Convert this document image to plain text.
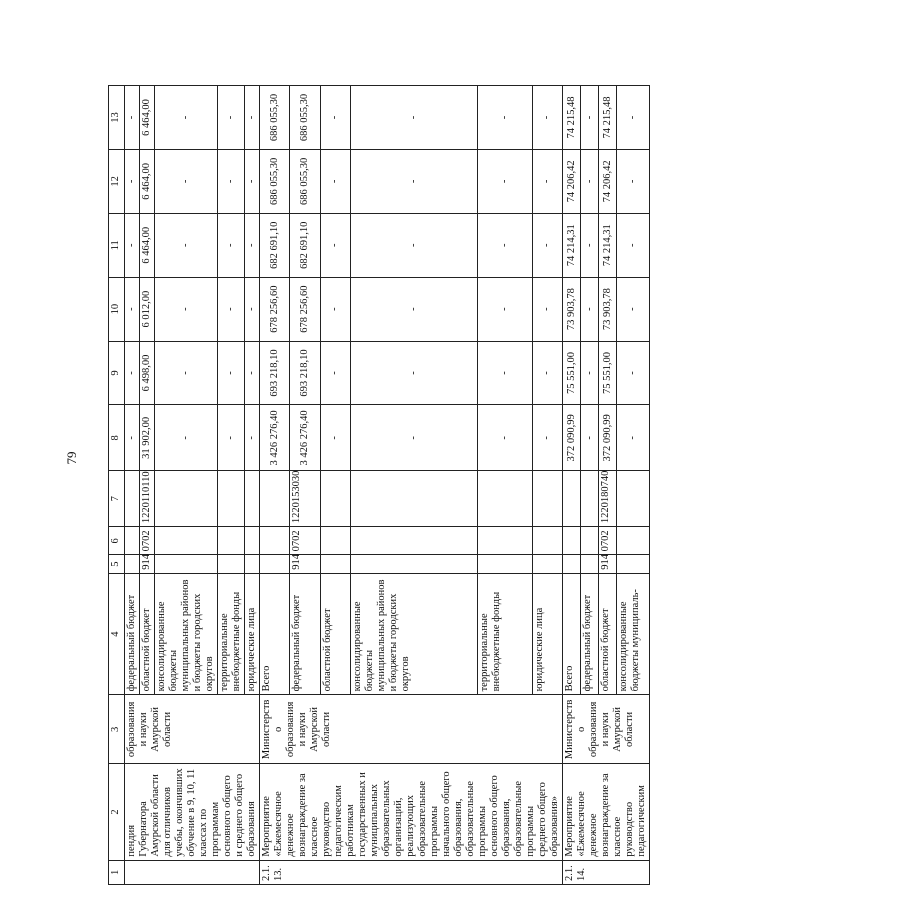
79
1	2	3	4	5	6	7	8	9	10	11	12	13
	пендия Губернатора Амурской области для отличников учебы, окончивших обучение в 9, 10, 11 классах по программам основного общего и среднего общего образования	образования и науки Амурской области	федеральный бюджет				-	-	-	-	-	-
			областной бюджет	914	0702	1220110110	31 902,00	6 498,00	6 012,00	6 464,00	6 464,00	6 464,00
			консолидированные бюджеты муниципальных районов и бюджеты городских округов				-	-	-	-	-	-
			территориальные внебюджетные фонды				-	-	-	-	-	-
			юридические лица				-	-	-	-	-	-
2.1.13.	Мероприятие «Ежемесячное денежное вознаграждение за классное руководство педагогическим работникам государственных и муниципальных образовательных организаций, реализующих образовательные программы начального общего образования, образовательные программы основного общего образования, образовательные программы среднего общего образования»	Министерство образования и науки Амурской области	Всего				3 426 276,40	693 218,10	678 256,60	682 691,10	686 055,30	686 055,30
			федеральный бюджет	914	0702	1220153030	3 426 276,40	693 218,10	678 256,60	682 691,10	686 055,30	686 055,30
			областной бюджет				-	-	-	-	-	-
			консолидированные бюджеты муниципальных районов и бюджеты городских округов				-	-	-	-	-	-
			территориальные внебюджетные фонды				-	-	-	-	-	-
			юридические лица				-	-	-	-	-	-
2.1.14.	Мероприятие «Ежемесячное денежное вознаграждение за классное руководство педагогическим	Министерство образования и науки Амурской области	Всего				372 090,99	75 551,00	73 903,78	74 214,31	74 206,42	74 215,48
			федеральный бюджет				-	-	-	-	-	-
			областной бюджет	914	0702	1220180740	372 090,99	75 551,00	73 903,78	74 214,31	74 206,42	74 215,48
			консолидированные бюджеты муниципаль-				-	-	-	-	-	-
